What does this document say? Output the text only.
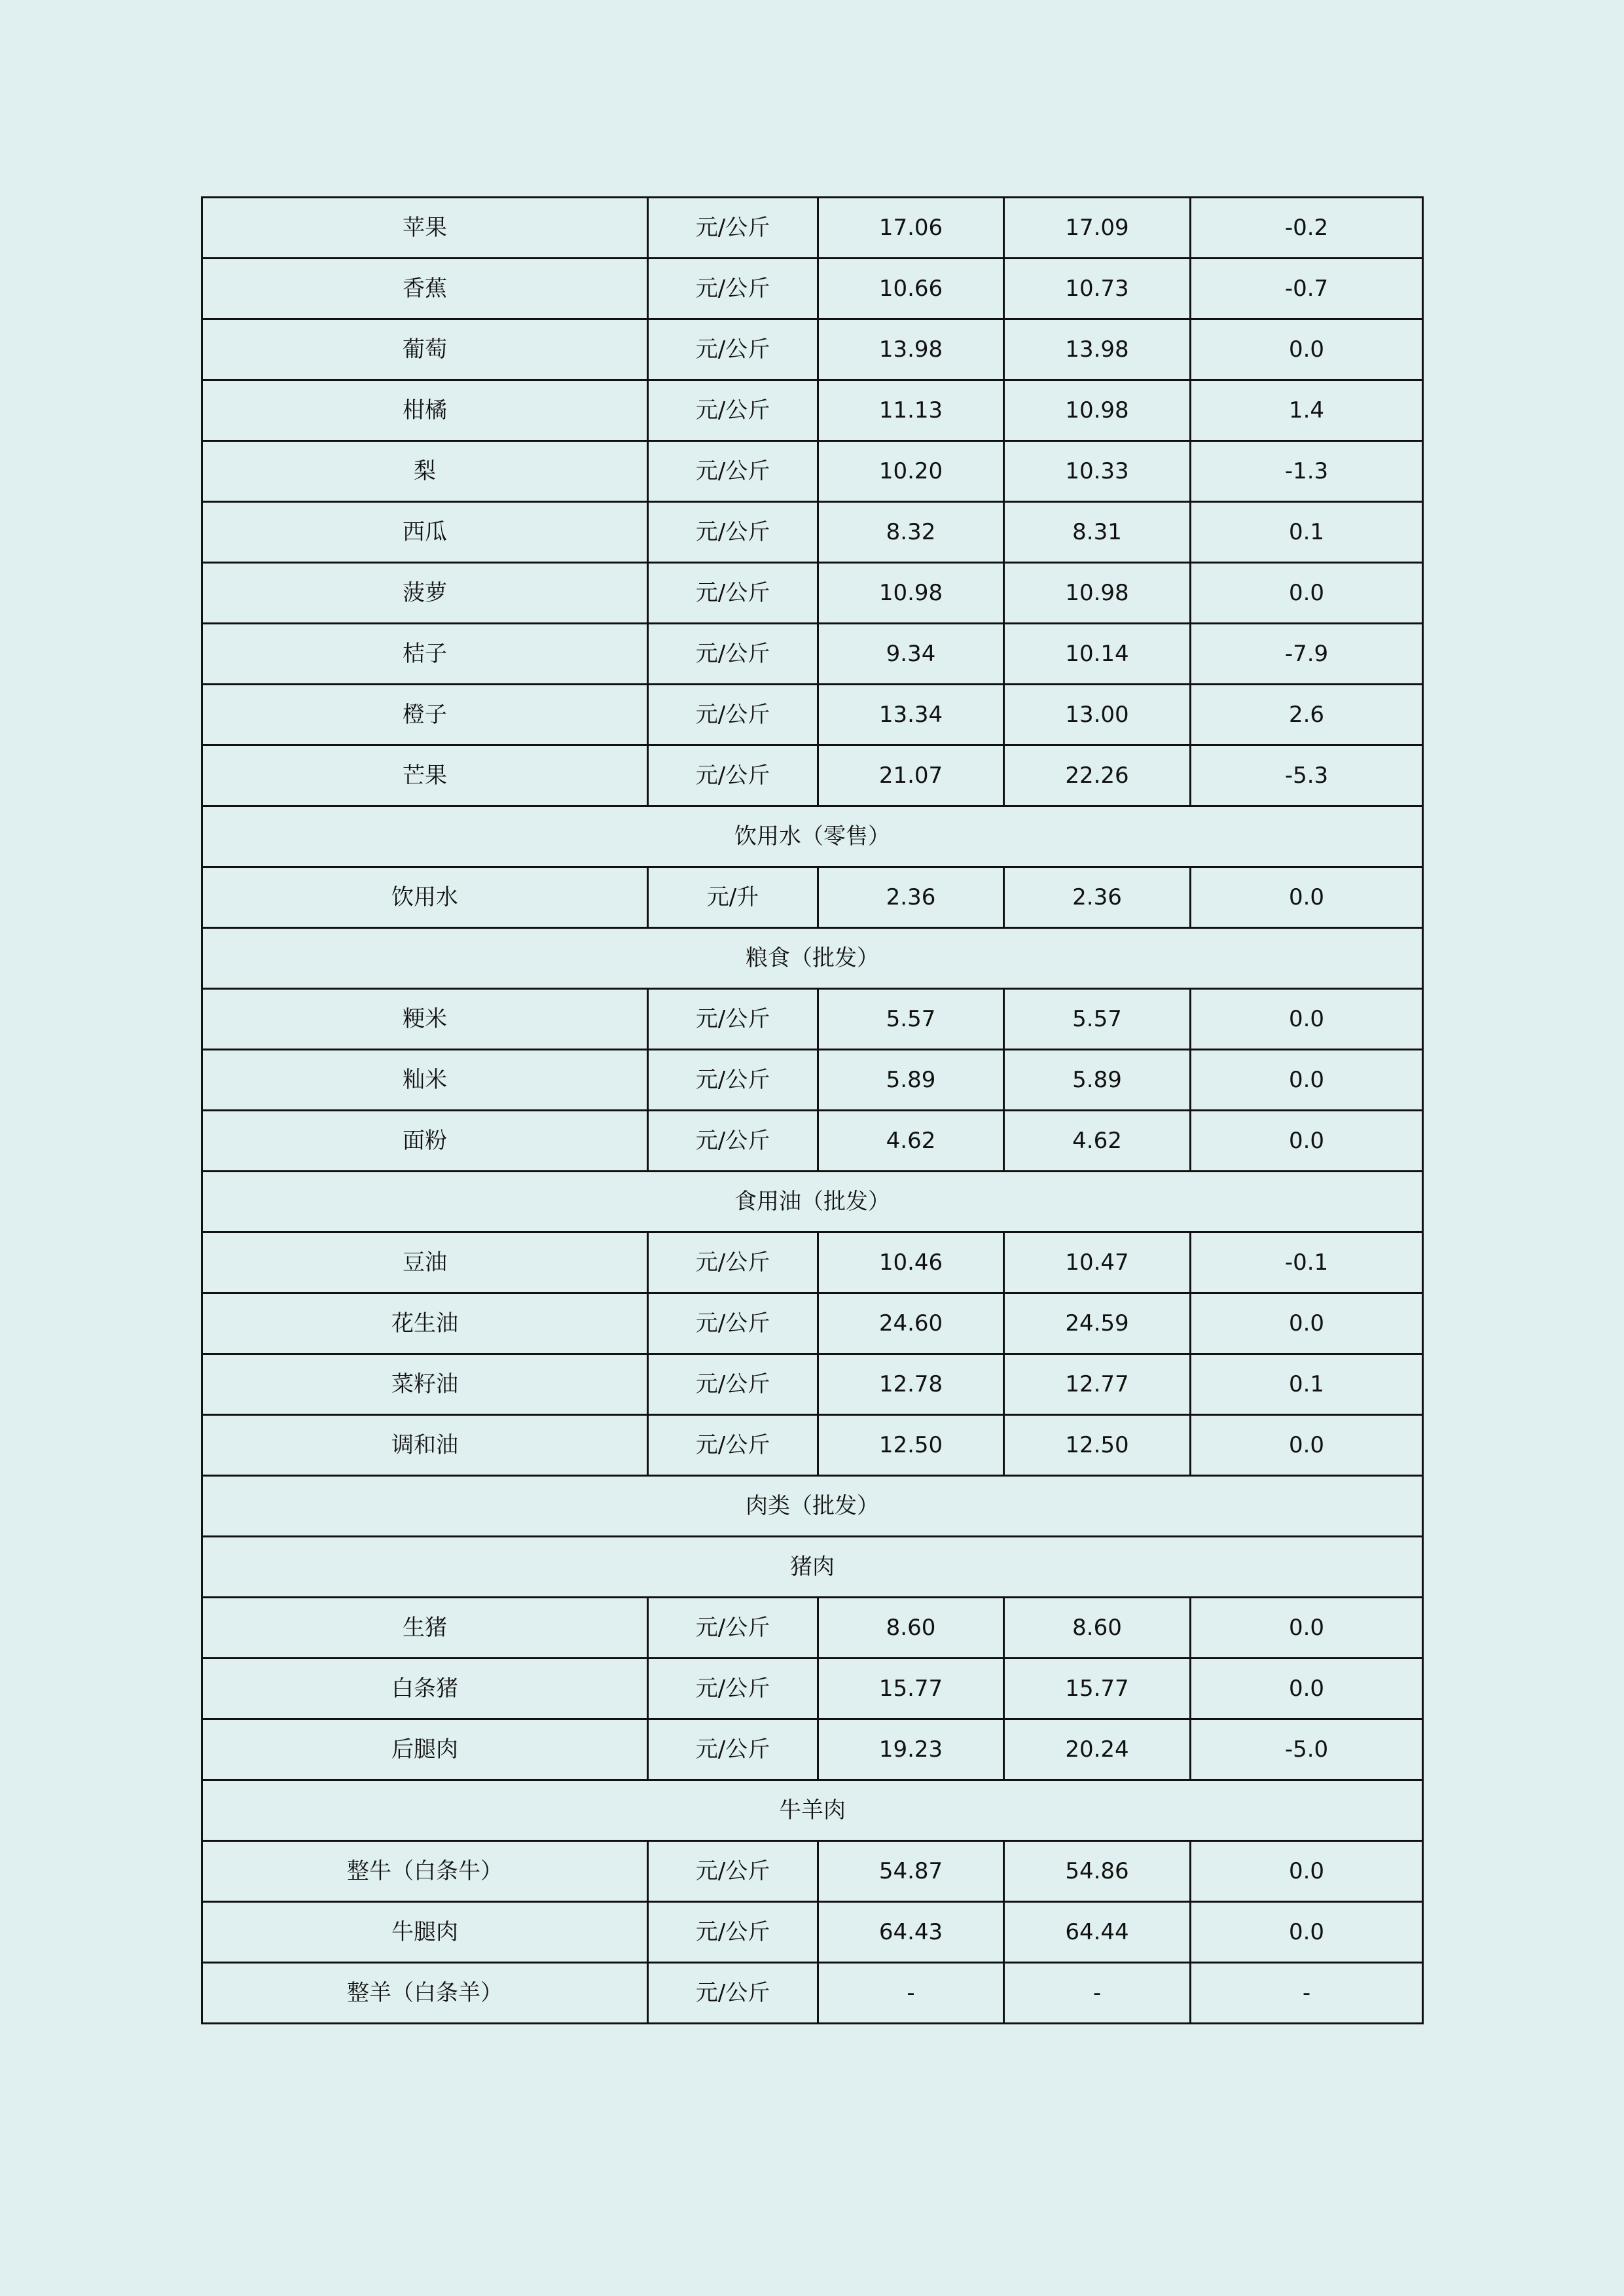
苹果	元/公斤	17.06	17.09	-0.2
香蕉	元/公斤	10.66	10.73	-0.7
葡萄	元/公斤	13.98	13.98	0.0
柑橘	元/公斤	11.13	10.98	1.4
梨	元/公斤	10.20	10.33	-1.3
西瓜	元/公斤	8.32	8.31	0.1
菠萝	元/公斤	10.98	10.98	0.0
桔子	元/公斤	9.34	10.14	-7.9
橙子	元/公斤	13.34	13.00	2.6
芒果	元/公斤	21.07	22.26	-5.3
饮用水（零售）				
饮用水	元/升	2.36	2.36	0.0
粮食（批发）				
粳米	元/公斤	5.57	5.57	0.0
籼米	元/公斤	5.89	5.89	0.0
面粉	元/公斤	4.62	4.62	0.0
食用油（批发）				
豆油	元/公斤	10.46	10.47	-0.1
花生油	元/公斤	24.60	24.59	0.0
菜籽油	元/公斤	12.78	12.77	0.1
调和油	元/公斤	12.50	12.50	0.0
肉类（批发）				
猪肉				
生猪	元/公斤	8.60	8.60	0.0
白条猪	元/公斤	15.77	15.77	0.0
后腿肉	元/公斤	19.23	20.24	-5.0
牛羊肉				
整牛（白条牛）	元/公斤	54.87	54.86	0.0
牛腿肉	元/公斤	64.43	64.44	0.0
整羊（白条羊）	元/公斤	-	-	-
